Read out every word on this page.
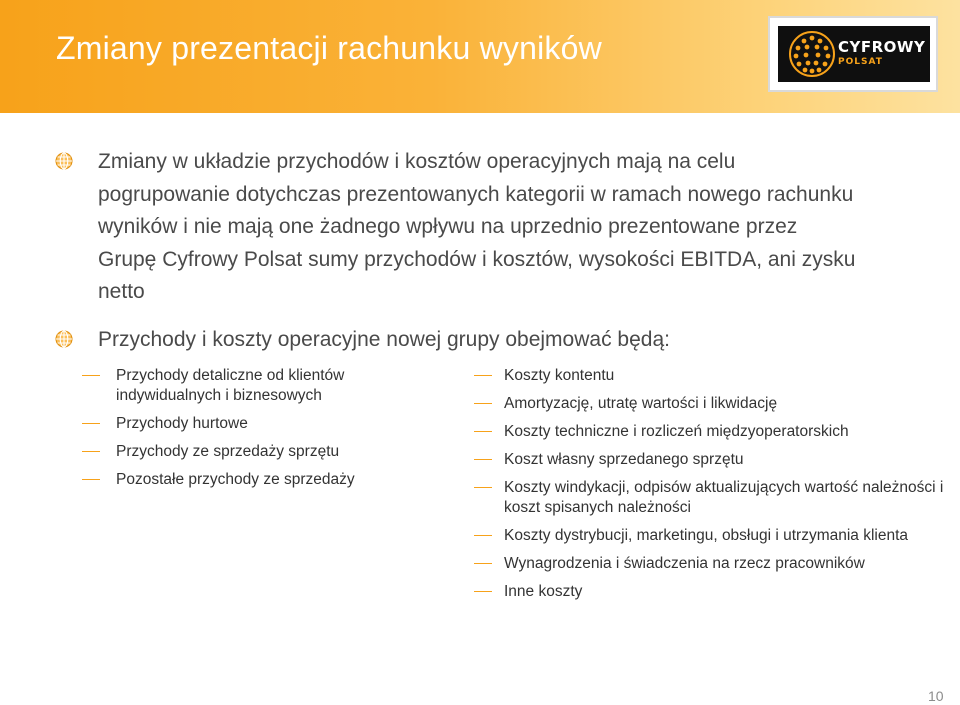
Zmiany prezentacji rachunku wyników	CYFROWY
POLSAT
Zmiany w układzie przychodów i kosztów operacyjnych mają na celu pogrupowanie dotychczas prezentowanych kategorii w ramach nowego rachunku wyników i nie mają one żadnego wpływu na uprzednio prezentowane przez Grupę Cyfrowy Polsat sumy przychodów i kosztów, wysokości EBITDA, ani zysku netto
Przychody i koszty operacyjne nowej grupy obejmować będą:
Przychody detaliczne od klientów indywidualnych i biznesowych
Przychody hurtowe
Przychody ze sprzedaży sprzętu
Pozostałe przychody ze sprzedaży
Koszty kontentu
Amortyzację, utratę wartości i likwidację
Koszty techniczne i rozliczeń międzyoperatorskich
Koszt własny sprzedanego sprzętu
Koszty windykacji, odpisów aktualizujących wartość należności i koszt spisanych należności
Koszty dystrybucji, marketingu, obsługi i utrzymania klienta
Wynagrodzenia i świadczenia na rzecz pracowników
Inne koszty
10
